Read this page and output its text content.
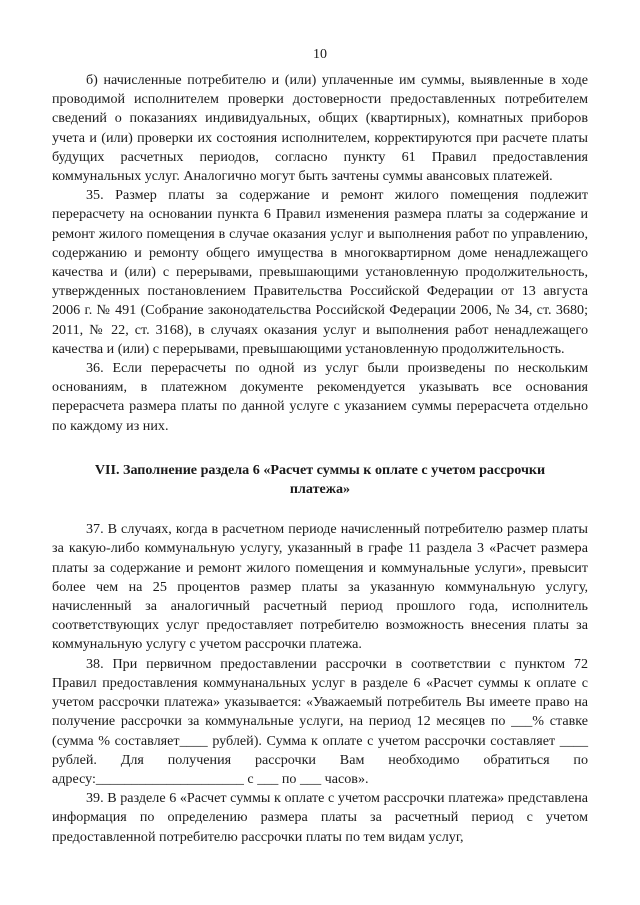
10

б) начисленные потребителю и (или) уплаченные им суммы, выявленные в ходе проводимой исполнителем проверки достоверности предоставленных потребителем сведений о показаниях индивидуальных, общих (квартирных), комнатных приборов учета и (или) проверки их состояния исполнителем, корректируются при расчете платы будущих расчетных периодов, согласно пункту 61 Правил предоставления коммунальных услуг. Аналогично могут быть зачтены суммы авансовых платежей.

35. Размер платы за содержание и ремонт жилого помещения подлежит перерасчету на основании пункта 6 Правил изменения размера платы за содержание и ремонт жилого помещения в случае оказания услуг и выполнения работ по управлению, содержанию и ремонту общего имущества в многоквартирном доме ненадлежащего качества и (или) с перерывами, превышающими установленную продолжительность, утвержденных постановлением Правительства Российской Федерации от 13 августа 2006 г. № 491 (Собрание законодательства Российской Федерации 2006, № 34, ст. 3680; 2011, № 22, ст. 3168), в случаях оказания услуг и выполнения работ ненадлежащего качества и (или) с перерывами, превышающими установленную продолжительность.

36. Если перерасчеты по одной из услуг были произведены по нескольким основаниям, в платежном документе рекомендуется указывать все основания перерасчета размера платы по данной услуге с указанием суммы перерасчета отдельно по каждому из них.

VII. Заполнение раздела 6 «Расчет суммы к оплате с учетом рассрочки платежа»

37. В случаях, когда в расчетном периоде начисленный потребителю размер платы за какую-либо коммунальную услугу, указанный в графе 11 раздела 3 «Расчет размера платы за содержание и ремонт жилого помещения и коммунальные услуги», превысит более чем на 25 процентов размер платы за указанную коммунальную услугу, начисленный за аналогичный расчетный период прошлого года, исполнитель соответствующих услуг предоставляет потребителю возможность внесения платы за коммунальную услугу с учетом рассрочки платежа.

38. При первичном предоставлении рассрочки в соответствии с пунктом 72 Правил предоставления коммунанальных услуг в разделе 6 «Расчет суммы к оплате с учетом рассрочки платежа» указывается: «Уважаемый потребитель Вы имеете право на получение рассрочки за коммунальные услуги, на период 12 месяцев по ___% ставке (сумма % составляет____ рублей). Сумма к оплате с учетом рассрочки составляет ____ рублей. Для получения рассрочки Вам необходимо обратиться по адресу:_____________________ с ___ по ___ часов».

39. В разделе 6 «Расчет суммы к оплате с учетом рассрочки платежа» представлена информация по определению размера платы за расчетный период с учетом предоставленной потребителю рассрочки платы по тем видам услуг,
